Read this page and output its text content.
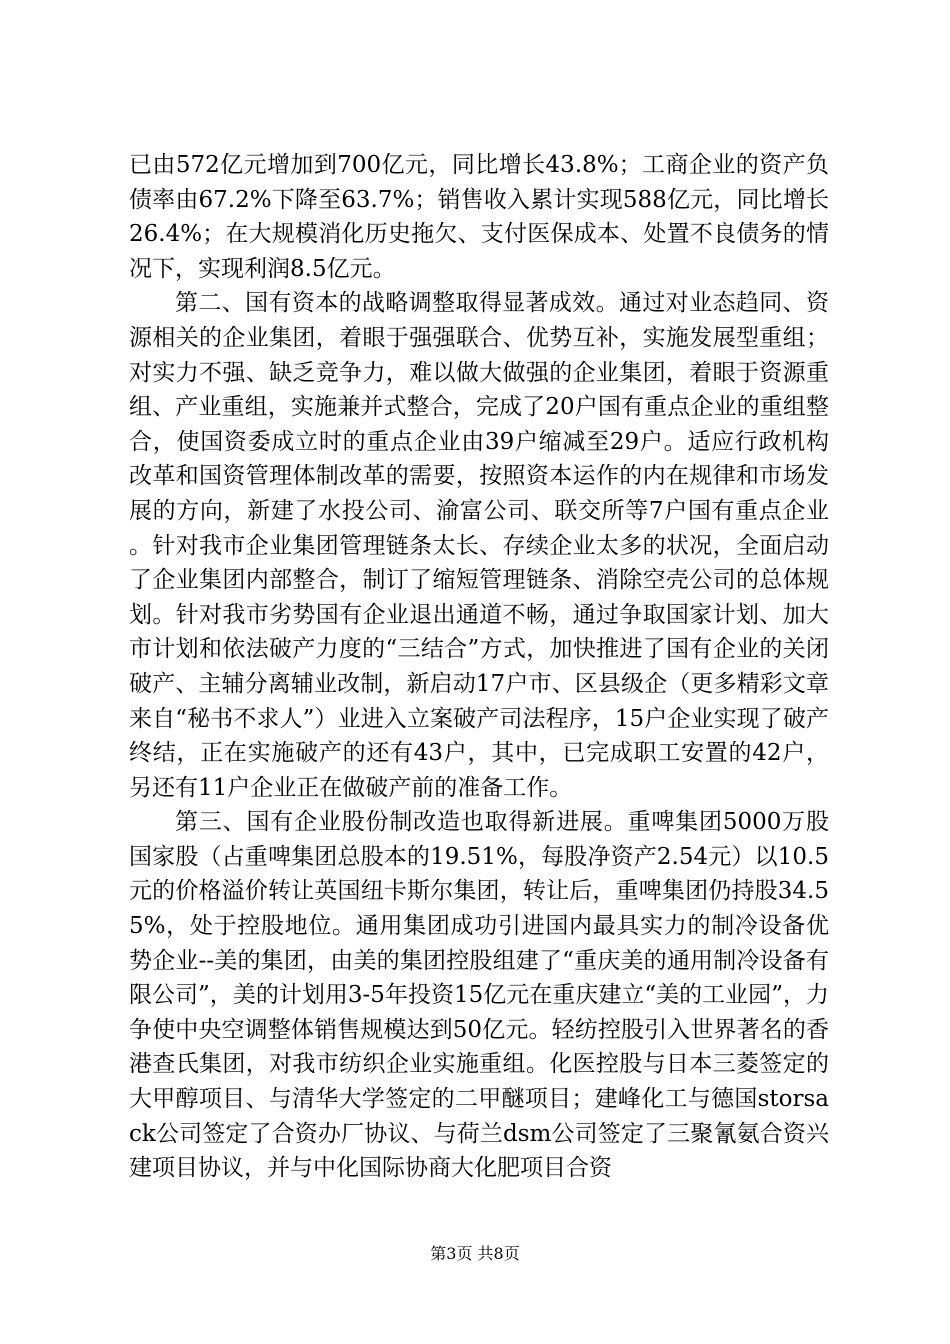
已由572亿元增加到700亿元，同比增长43.8%；工商企业的资产负债率由67.2%下降至63.7%；销售收入累计实现588亿元，同比增长26.4%；在大规模消化历史拖欠、支付医保成本、处置不良债务的情况下，实现利润8.5亿元。

第二、国有资本的战略调整取得显著成效。通过对业态趋同、资源相关的企业集团，着眼于强强联合、优势互补，实施发展型重组；对实力不强、缺乏竞争力，难以做大做强的企业集团，着眼于资源重组、产业重组，实施兼并式整合，完成了20户国有重点企业的重组整合，使国资委成立时的重点企业由39户缩减至29户。适应行政机构改革和国资管理体制改革的需要，按照资本运作的内在规律和市场发展的方向，新建了水投公司、渝富公司、联交所等7户国有重点企业。针对我市企业集团管理链条太长、存续企业太多的状况，全面启动了企业集团内部整合，制订了缩短管理链条、消除空壳公司的总体规划。针对我市劣势国有企业退出通道不畅，通过争取国家计划、加大市计划和依法破产力度的“三结合”方式，加快推进了国有企业的关闭破产、主辅分离辅业改制，新启动17户市、区县级企（更多精彩文章来自“秘书不求人”）业进入立案破产司法程序，15户企业实现了破产终结，正在实施破产的还有43户，其中，已完成职工安置的42户，另还有11户企业正在做破产前的准备工作。

第三、国有企业股份制改造也取得新进展。重啤集团5000万股国家股（占重啤集团总股本的19.51%，每股净资产2.54元）以10.5元的价格溢价转让英国纽卡斯尔集团，转让后，重啤集团仍持股34.55%，处于控股地位。通用集团成功引进国内最具实力的制冷设备优势企业--美的集团，由美的集团控股组建了“重庆美的通用制冷设备有限公司”，美的计划用3-5年投资15亿元在重庆建立“美的工业园”，力争使中央空调整体销售规模达到50亿元。轻纺控股引入世界著名的香港查氏集团，对我市纺织企业实施重组。化医控股与日本三菱签定的大甲醇项目、与清华大学签定的二甲醚项目；建峰化工与德国storsack公司签定了合资办厂协议、与荷兰dsm公司签定了三聚氰氨合资兴建项目协议，并与中化国际协商大化肥项目合资

第3页 共8页
